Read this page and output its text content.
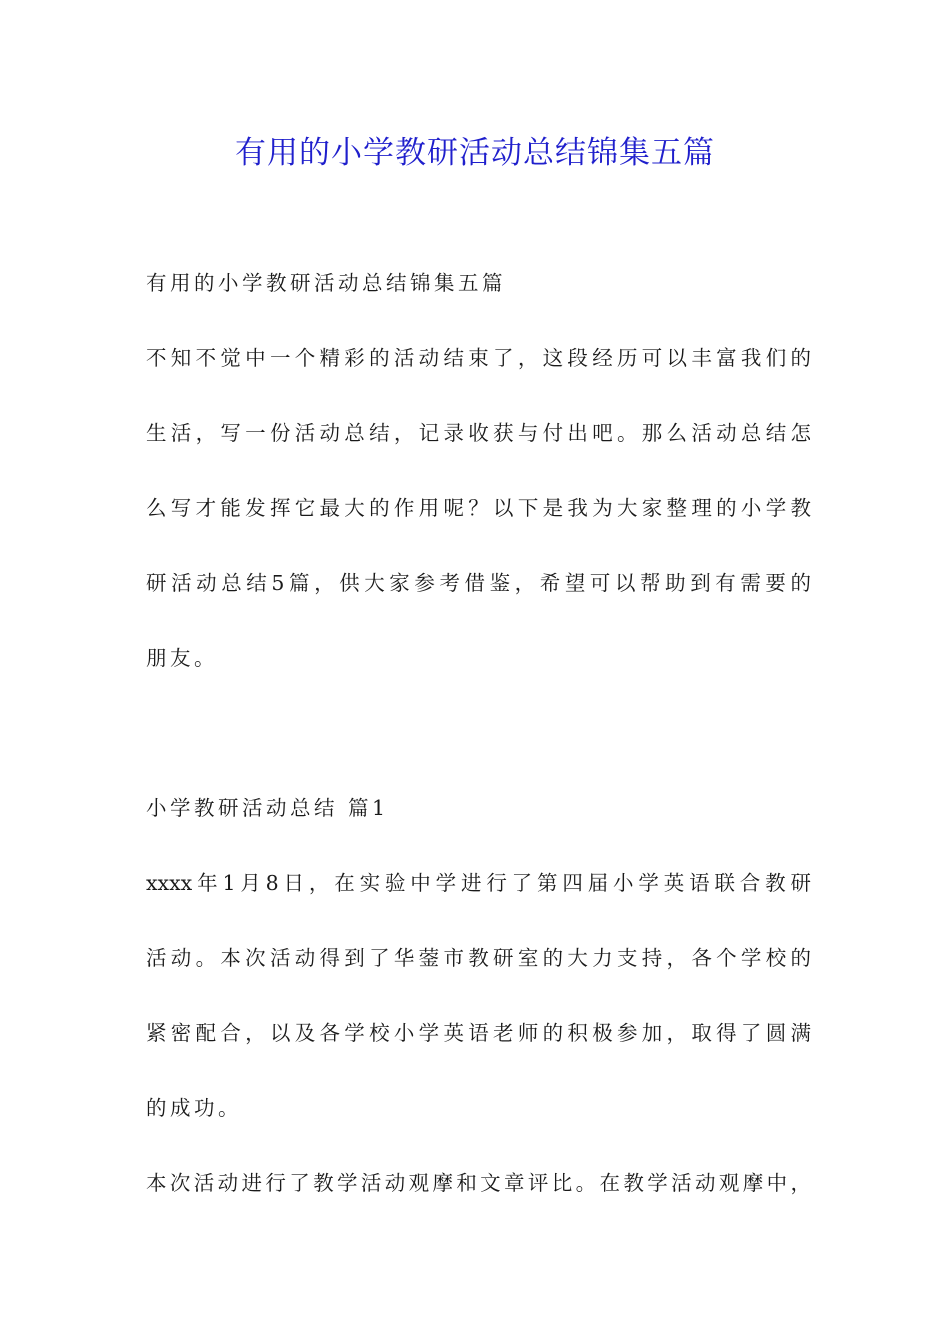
有用的小学教研活动总结锦集五篇
有用的小学教研活动总结锦集五篇
不知不觉中一个精彩的活动结束了，这段经历可以丰富我们的
生活，写一份活动总结，记录收获与付出吧。那么活动总结怎
么写才能发挥它最大的作用呢？以下是我为大家整理的小学教
研活动总结5篇，供大家参考借鉴，希望可以帮助到有需要的
朋友。
小学教研活动总结 篇1
xxxx年1月8日，在实验中学进行了第四届小学英语联合教研
活动。本次活动得到了华蓥市教研室的大力支持，各个学校的
紧密配合，以及各学校小学英语老师的积极参加，取得了圆满
的成功。
本次活动进行了教学活动观摩和文章评比。在教学活动观摩中，
